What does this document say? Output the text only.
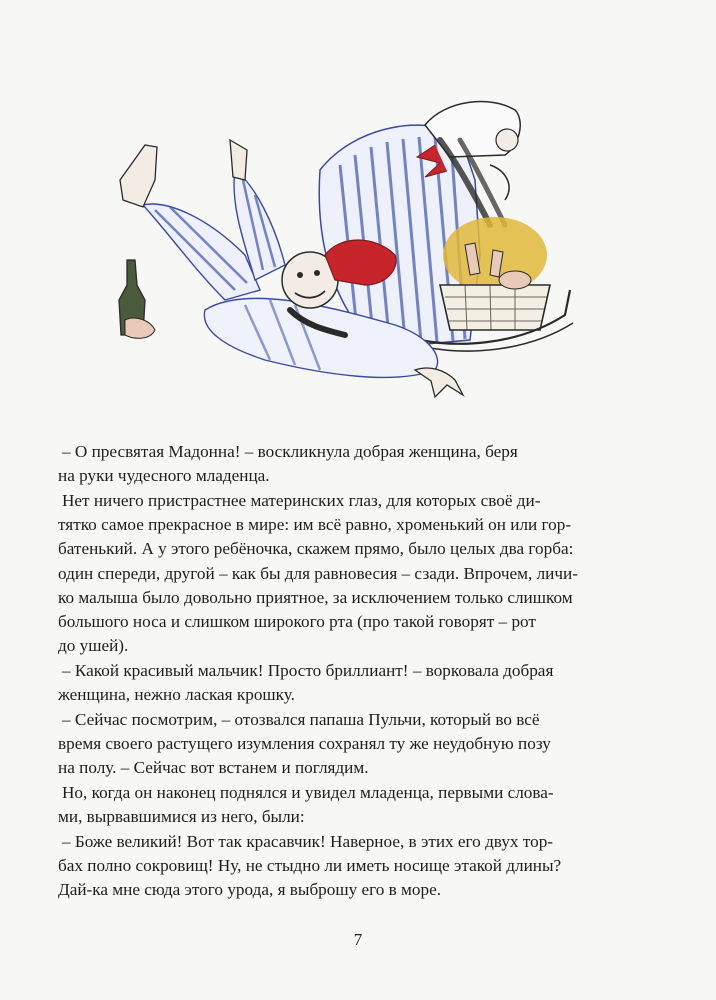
– О пресвятая Мадонна! – воскликнула добрая женщина, беря
на руки чудесного младенца.

Нет ничего пристрастнее материнских глаз, для которых своё ди-
тятко самое прекрасное в мире: им всё равно, хроменький он или гор-
батенький. А у этого ребёночка, скажем прямо, было целых два горба:
один спереди, другой – как бы для равновесия – сзади. Впрочем, личи-
ко малыша было довольно приятное, за исключением только слишком
большого носа и слишком широкого рта (про такой говорят – рот
до ушей).

– Какой красивый мальчик! Просто бриллиант! – ворковала добрая
женщина, нежно лаская крошку.

– Сейчас посмотрим, – отозвался папаша Пульчи, который во всё
время своего растущего изумления сохранял ту же неудобную позу
на полу. – Сейчас вот встанем и поглядим.

Но, когда он наконец поднялся и увидел младенца, первыми слова-
ми, вырвавшимися из него, были:

– Боже великий! Вот так красавчик! Наверное, в этих его двух тор-
бах полно сокровищ! Ну, не стыдно ли иметь носище этакой длины?
Дай-ка мне сюда этого урода, я выброшу его в море.

7
